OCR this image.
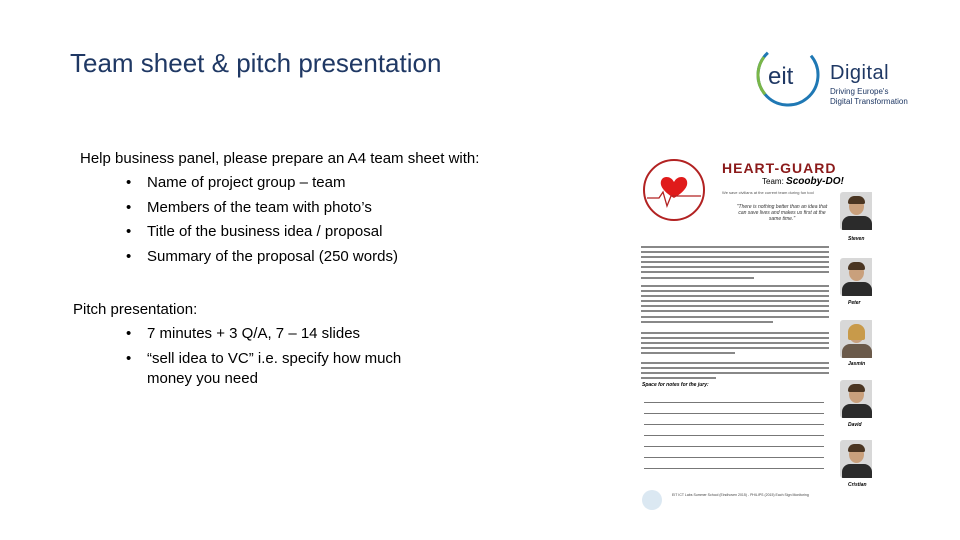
Team sheet & pitch presentation	eit Digital
Driving Europe's Digital Transformation
Help business panel, please prepare an A4 team sheet with:
• Name of project group – team
• Members of the team with photo’s
• Title of the business idea / proposal
• Summary of the proposal (250 words)
Pitch presentation:
• 7 minutes + 3 Q/A, 7 – 14 slides
• “sell idea to VC” i.e. specify how much money you need
HEART-GUARD
Team: Scooby-DO!
We save civilians at the current team during fun tool
"There is nothing better than an idea that can save lives and makes us first at the same time."
Space for notes for the jury:
Steven
Peter
Jasmin
David
Cristian
EIT ICT Labs Summer School (Eindhoven 2015) - PHILIPS (2015) Each Sign Monitoring
